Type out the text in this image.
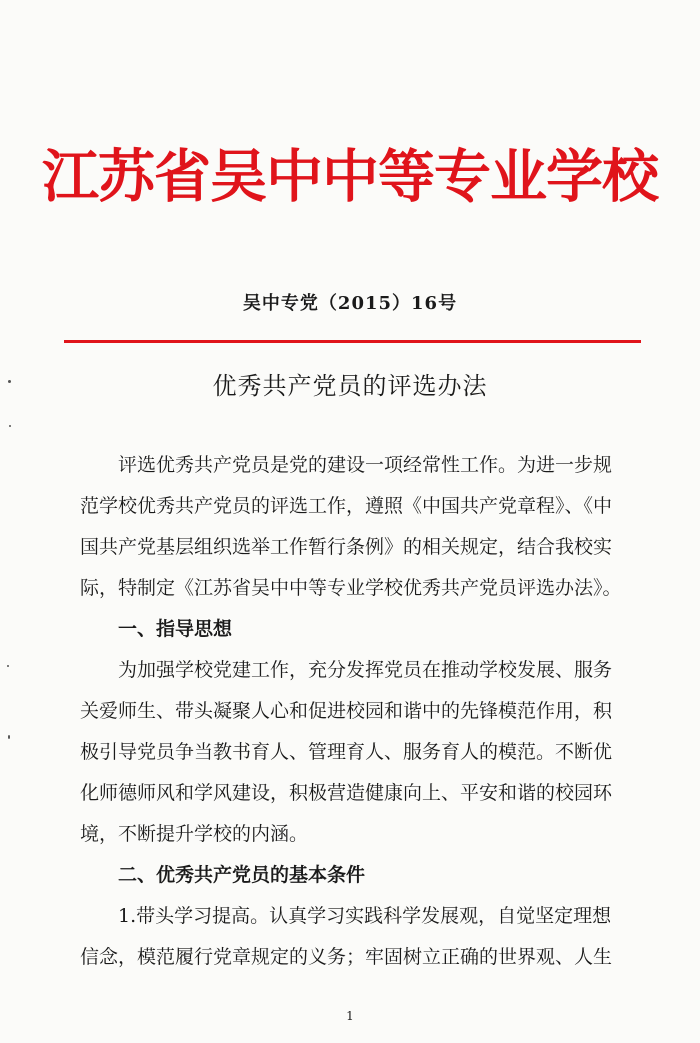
江苏省吴中中等专业学校
吴中专党（2015）16号
优秀共产党员的评选办法
评选优秀共产党员是党的建设一项经常性工作。为进一步规
范学校优秀共产党员的评选工作，遵照《中国共产党章程》、《中
国共产党基层组织选举工作暂行条例》的相关规定，结合我校实
际，特制定《江苏省吴中中等专业学校优秀共产党员评选办法》。
一、指导思想
为加强学校党建工作，充分发挥党员在推动学校发展、服务
关爱师生、带头凝聚人心和促进校园和谐中的先锋模范作用，积
极引导党员争当教书育人、管理育人、服务育人的模范。不断优
化师德师风和学风建设，积极营造健康向上、平安和谐的校园环
境，不断提升学校的内涵。
二、优秀共产党员的基本条件
1.带头学习提高。认真学习实践科学发展观，自觉坚定理想
信念，模范履行党章规定的义务；牢固树立正确的世界观、人生
1
